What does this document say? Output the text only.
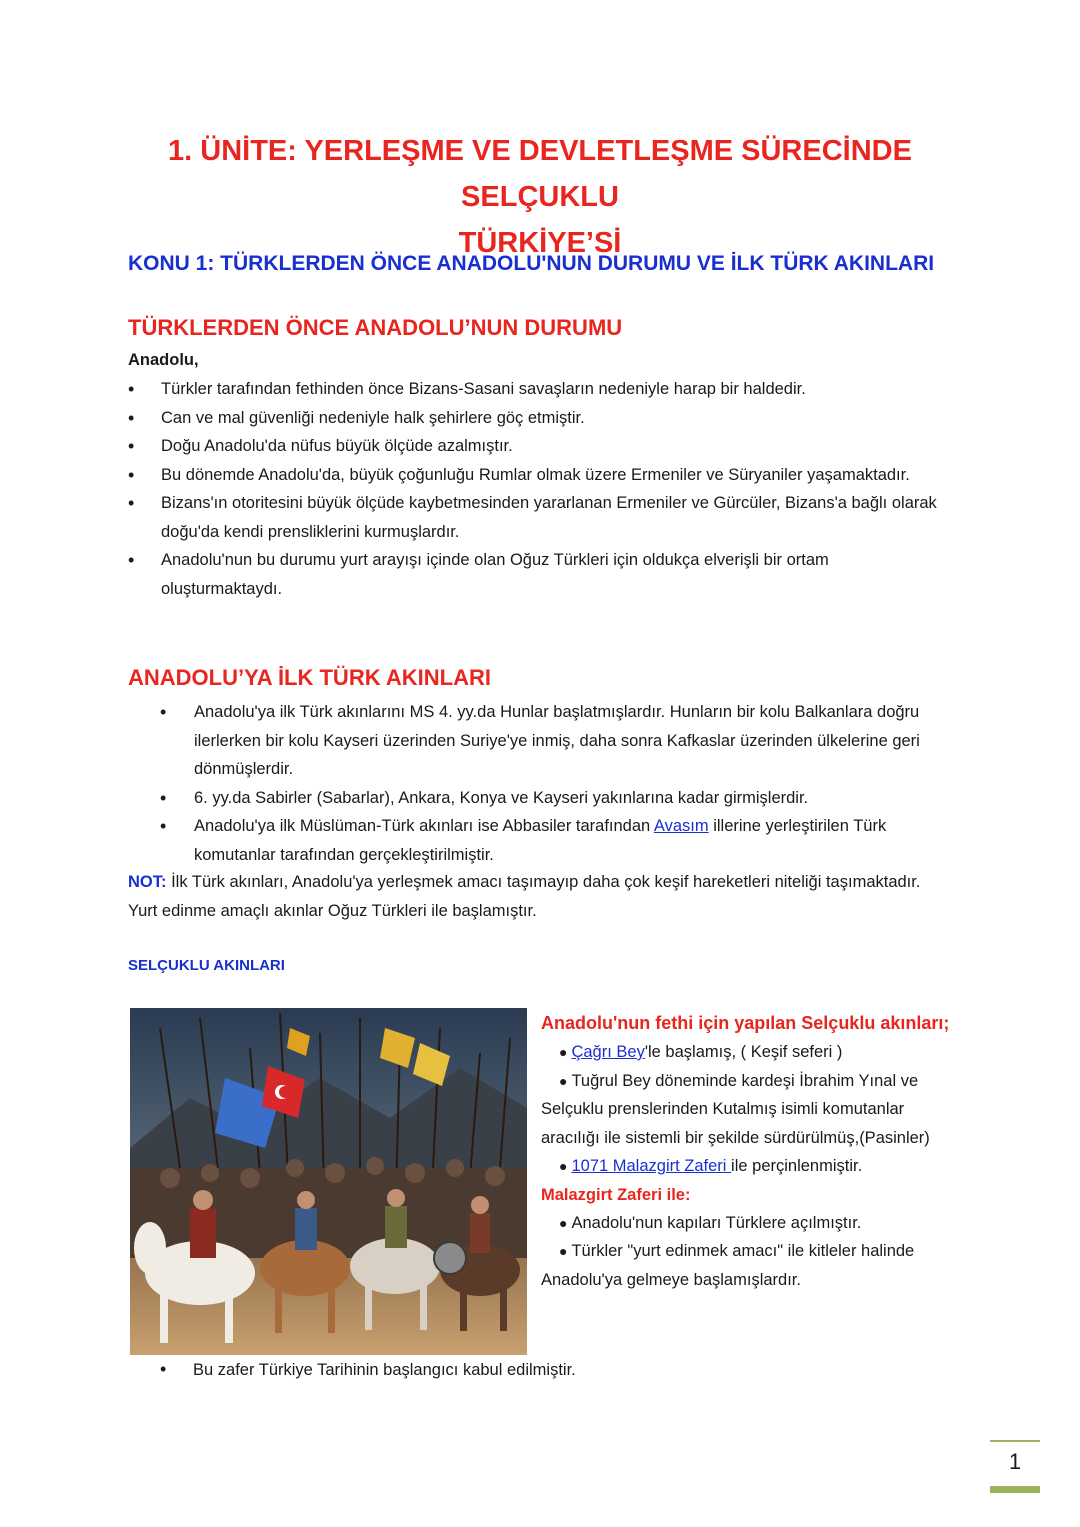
1. ÜNİTE: YERLEŞME VE DEVLETLEŞME SÜRECİNDE SELÇUKLU
TÜRKİYE’Sİ
KONU 1: TÜRKLERDEN ÖNCE ANADOLU'NUN DURUMU VE İLK TÜRK AKINLARI
TÜRKLERDEN ÖNCE ANADOLU’NUN DURUMU
Anadolu,
• Türkler tarafından fethinden önce Bizans-Sasani savaşların nedeniyle harap bir haldedir.
• Can ve mal güvenliği nedeniyle halk şehirlere göç etmiştir.
• Doğu Anadolu'da nüfus büyük ölçüde azalmıştır.
• Bu dönemde Anadolu'da, büyük çoğunluğu Rumlar olmak üzere Ermeniler ve Süryaniler yaşamaktadır.
• Bizans'ın otoritesini büyük ölçüde kaybetmesinden yararlanan Ermeniler ve Gürcüler, Bizans'a bağlı olarak doğu'da kendi prensliklerini kurmuşlardır.
• Anadolu'nun bu durumu yurt arayışı içinde olan Oğuz Türkleri için oldukça elverişli bir ortam oluşturmaktaydı.
ANADOLU’YA İLK TÜRK AKINLARI
• Anadolu'ya ilk Türk akınlarını MS 4. yy.da Hunlar başlatmışlardır. Hunların bir kolu Balkanlara doğru ilerlerken bir kolu Kayseri üzerinden Suriye'ye inmiş, daha sonra Kafkaslar üzerinden ülkelerine geri dönmüşlerdir.
• 6. yy.da Sabirler (Sabarlar), Ankara, Konya ve Kayseri yakınlarına kadar girmişlerdir.
• Anadolu'ya ilk Müslüman-Türk akınları ise Abbasiler tarafından Avasım illerine yerleştirilen Türk komutanlar tarafından gerçekleştirilmiştir.
NOT: İlk Türk akınları, Anadolu'ya yerleşmek amacı taşımayıp daha çok keşif hareketleri niteliği taşımaktadır. Yurt edinme amaçlı akınlar Oğuz Türkleri ile başlamıştır.
SELÇUKLU AKINLARI
Anadolu'nun fethi için yapılan Selçuklu akınları;
● Çağrı Bey'le başlamış, ( Keşif seferi )
● Tuğrul Bey döneminde kardeşi İbrahim Yınal ve Selçuklu prenslerinden Kutalmış isimli komutanlar aracılığı ile sistemli bir şekilde sürdürülmüş,(Pasinler)
● 1071 Malazgirt Zaferi ile perçinlenmiştir.
Malazgirt Zaferi ile:
● Anadolu'nun kapıları Türklere açılmıştır.
● Türkler "yurt edinmek amacı" ile kitleler halinde Anadolu'ya gelmeye başlamışlardır.
• Bu zafer Türkiye Tarihinin başlangıcı kabul edilmiştir.
1
